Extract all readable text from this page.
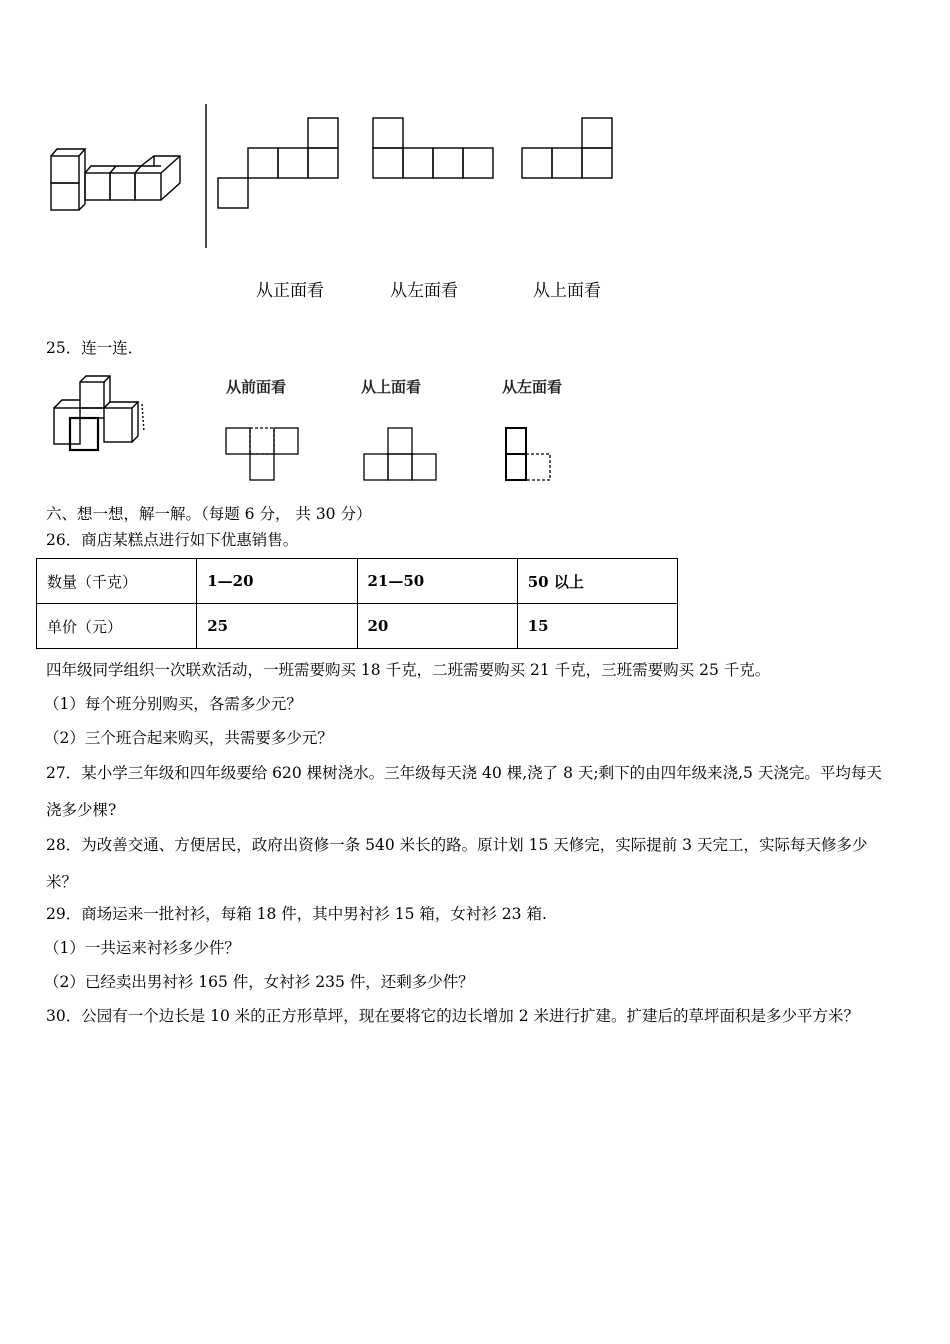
从正面看	从左面看	从上面看
25．连一连．
从前面看	从上面看	从左面看
六、想一想，解一解。（每题 6 分， 共 30 分）
26．商店某糕点进行如下优惠销售。
数量（千克）	1—20	21—50	50 以上
单价（元）	25	20	15
四年级同学组织一次联欢活动，一班需要购买 18 千克，二班需要购买 21 千克，三班需要购买 25 千克。
（1）每个班分别购买，各需多少元？
（2）三个班合起来购买，共需要多少元？
27．某小学三年级和四年级要给 620 棵树浇水。三年级每天浇 40 棵,浇了 8 天;剩下的由四年级来浇,5 天浇完。平均每天
浇多少棵?
28．为改善交通、方便居民，政府出资修一条 540 米长的路。原计划 15 天修完，实际提前 3 天完工，实际每天修多少
米？
29．商场运来一批衬衫，每箱 18 件，其中男衬衫 15 箱，女衬衫 23 箱.
（1）一共运来衬衫多少件？
（2）已经卖出男衬衫 165 件，女衬衫 235 件，还剩多少件？
30．公园有一个边长是 10 米的正方形草坪，现在要将它的边长增加 2 米进行扩建。扩建后的草坪面积是多少平方米？
